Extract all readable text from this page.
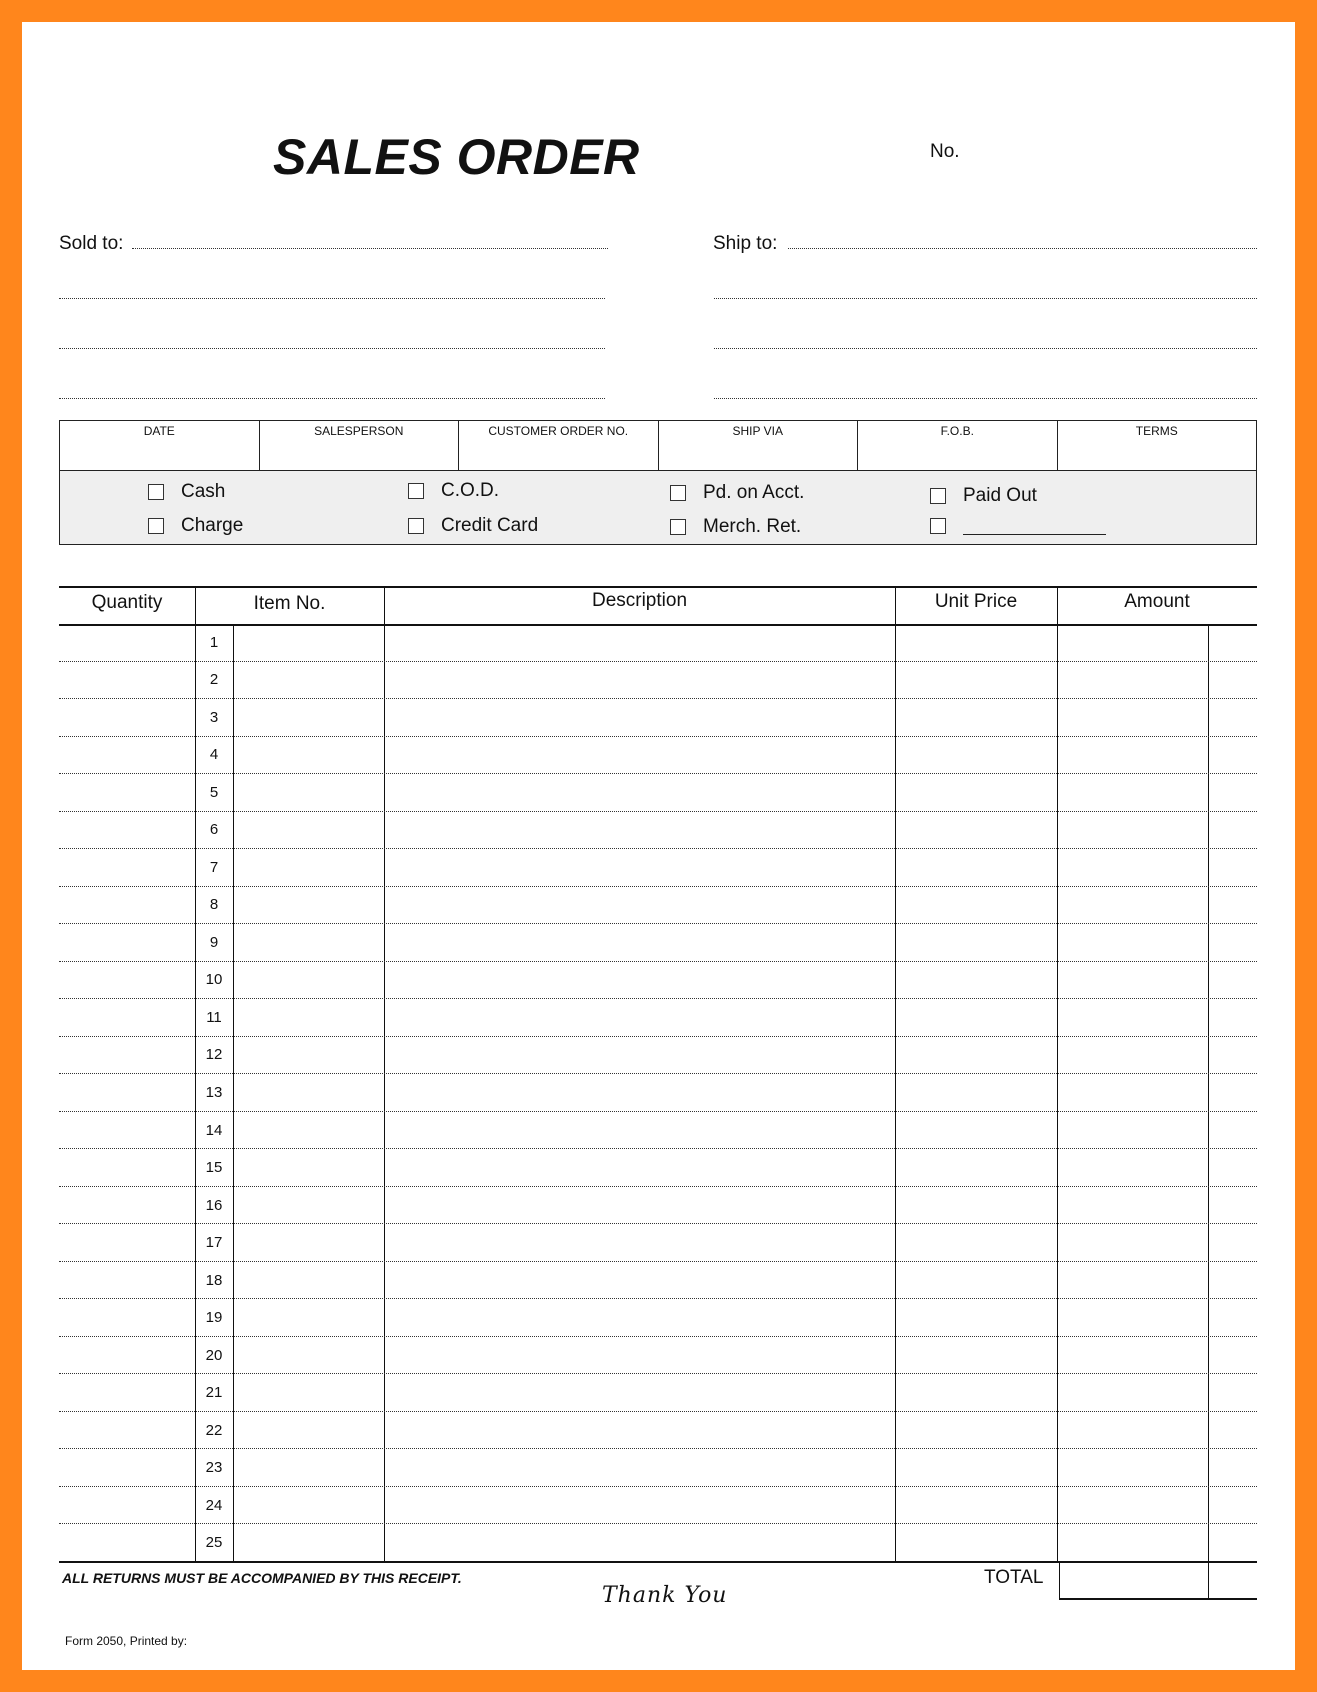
SALES ORDER	No.
Sold to:	Ship to:
DATE	SALESPERSON	CUSTOMER ORDER NO.	SHIP VIA	F.O.B.	TERMS
Cash
Charge
C.O.D.
Credit Card
Pd. on Acct.
Merch. Ret.
Paid Out
Quantity	Item No.	Description	Unit Price	Amount
1
2
3
4
5
6
7
8
9
10
11
12
13
14
15
16
17
18
19
20
21
22
23
24
25
ALL RETURNS MUST BE ACCOMPANIED BY THIS RECEIPT.
Thank You
TOTAL
Form 2050, Printed by:
